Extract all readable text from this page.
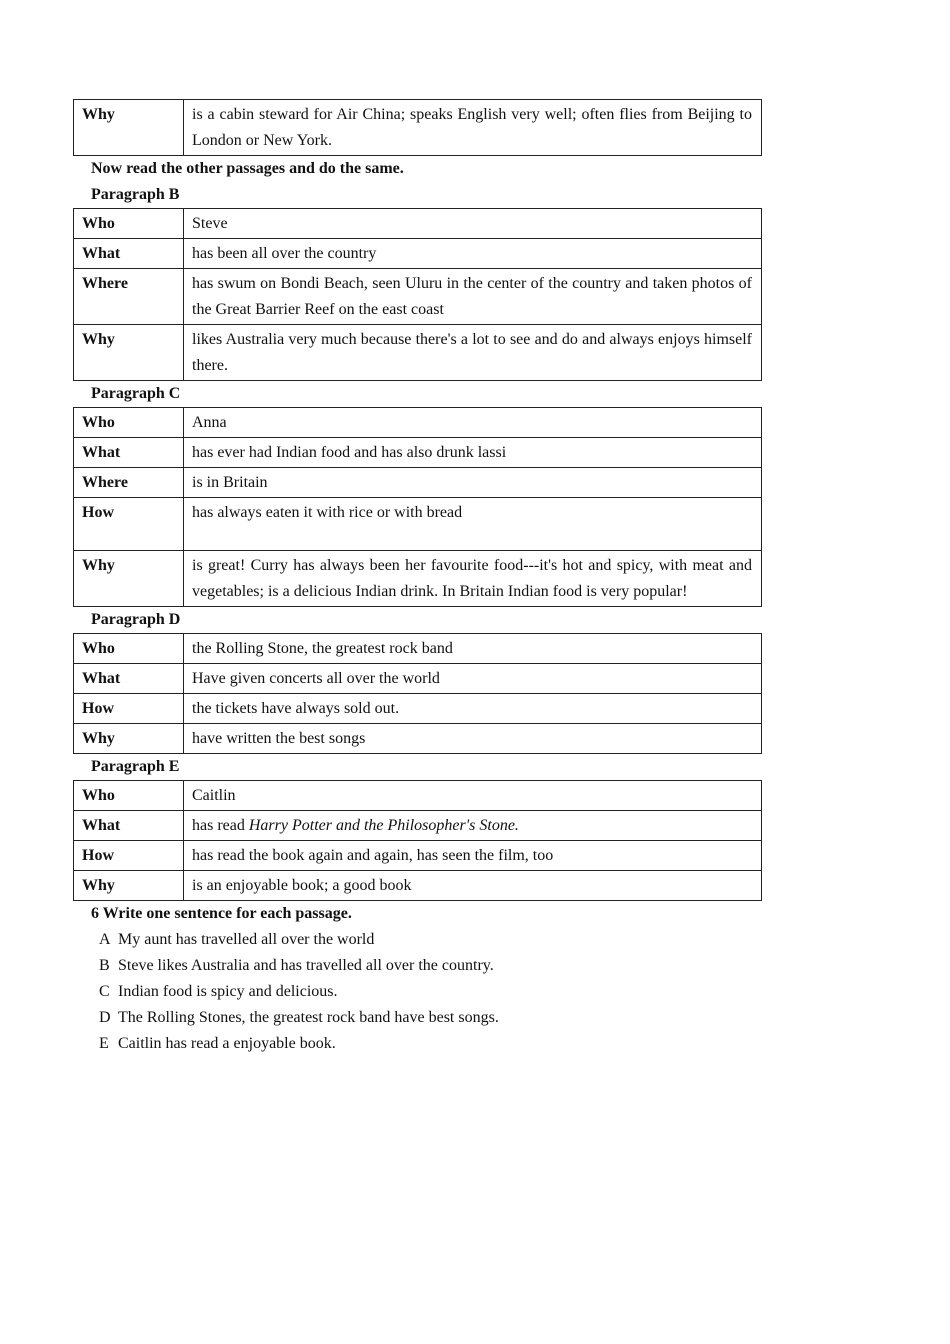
Why	is a cabin steward for Air China; speaks English very well; often flies from Beijing to London or New York.
Now read the other passages and do the same.
Paragraph B
Who	Steve
What	has been all over the country
Where	has swum on Bondi Beach, seen Uluru in the center of the country and taken photos of the Great Barrier Reef on the east coast
Why	likes Australia very much because there's a lot to see and do and always enjoys himself there.
Paragraph C
Who	Anna
What	has ever had Indian food and has also drunk lassi
Where	is in Britain
How	has always eaten it with rice or with bread
Why	is great! Curry has always been her favourite food---it's hot and spicy, with meat and vegetables; is a delicious Indian drink. In Britain Indian food is very popular!
Paragraph D
Who	the Rolling Stone, the greatest rock band
What	Have given concerts all over the world
How	the tickets have always sold out.
Why	have written the best songs
Paragraph E
Who	Caitlin
What	has read Harry Potter and the Philosopher's Stone.
How	has read the book again and again, has seen the film, too
Why	is an enjoyable book; a good book
6 Write one sentence for each passage.
A My aunt has travelled all over the world
B Steve likes Australia and has travelled all over the country.
C Indian food is spicy and delicious.
D The Rolling Stones, the greatest rock band have best songs.
E Caitlin has read a enjoyable book.
